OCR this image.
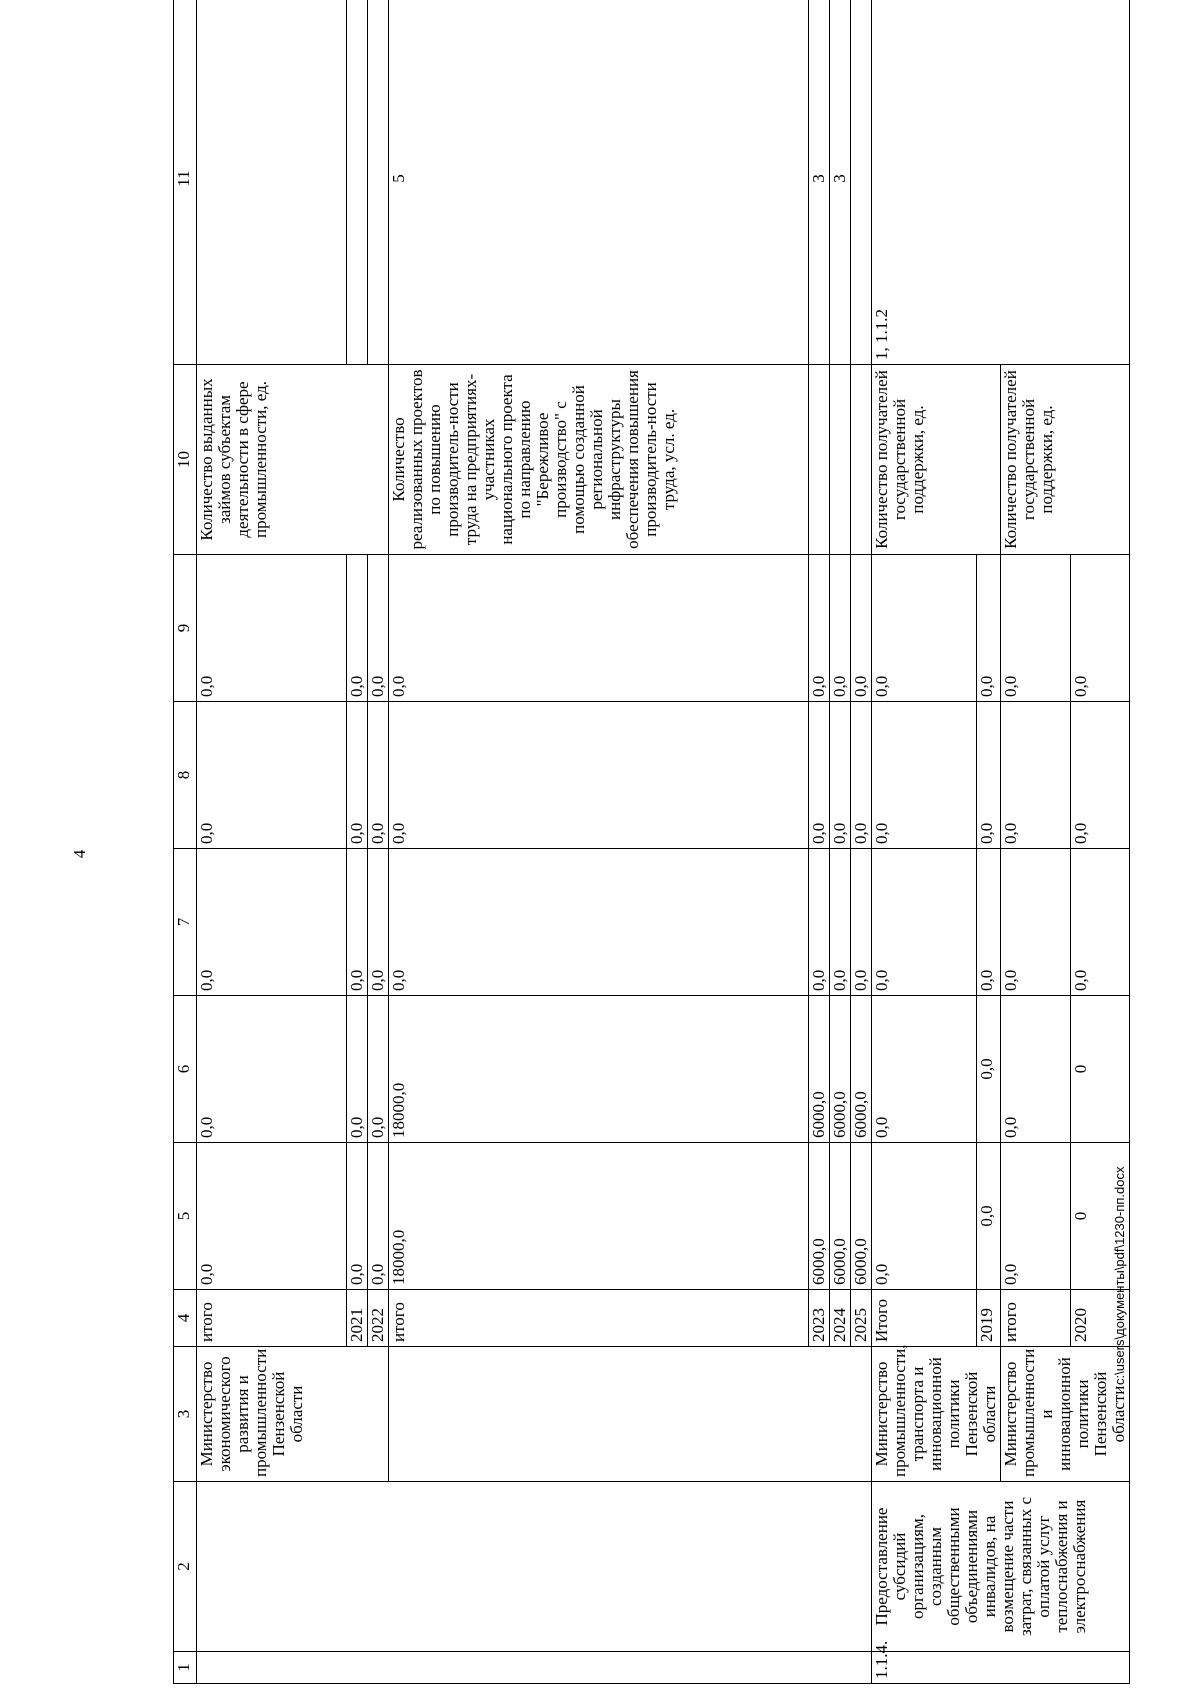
4
c:\users\документы\pdf\1230-пп.docx
1	2	3	4	5	6	7	8	9	10	11
		Министерство экономического развития и промышленности Пензенской области	итого	0,0	0,0	0,0	0,0	0,0	Количество выданных займов субъектам деятельности в сфере промышленности, ед.	
			2021	0,0	0,0	0,0	0,0	0,0		
			2022	0,0	0,0	0,0	0,0	0,0		
			итого	18000,0	18000,0	0,0	0,0	0,0	Количество реализованных проектов по повышению производитель-ности труда на предприятиях-участниках национального проекта по направлению "Бережливое производство" с помощью созданной региональной инфраструктуры обеспечения повышения производитель-ности труда, усл. ед.	5
			2023	6000,0	6000,0	0,0	0,0	0,0		3
			2024	6000,0	6000,0	0,0	0,0	0,0		3
			2025	6000,0	6000,0	0,0	0,0	0,0		
1.1.4.	Предоставление субсидий организациям, созданным общественными объединениями инвалидов, на возмещение части затрат, связанных с оплатой услуг теплоснабжения и электроснабжения	Министерство промышленности, транспорта и инновационной политики Пензенской области	Итого	0,0	0,0	0,0	0,0	0,0	Количество получателей государственной поддержки, ед.	1, 1.1.2
			2019	0,0	0,0	0,0	0,0	0,0		
		Министерство промышленности и инновационной политики Пензенской области	итого	0,0	0,0	0,0	0,0	0,0	Количество получателей государственной поддержки, ед.	
			2020	0	0	0,0	0,0	0,0		
